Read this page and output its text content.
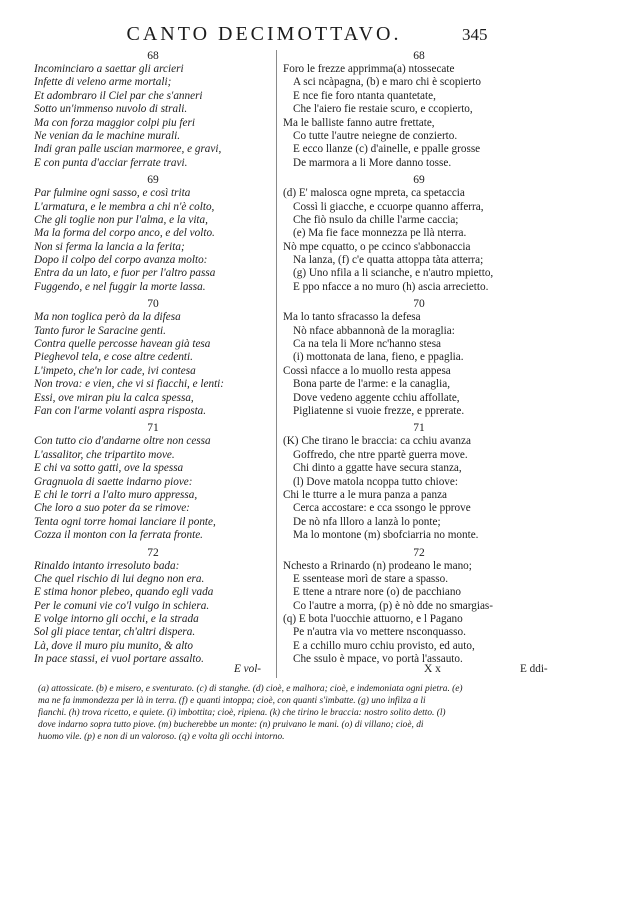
CANTO DECIMOTTAVO.	345
68
Incominciaro a saettar gli arcieri
Infette di veleno arme mortali;
Et adombraro il Ciel par che s'anneri
Sotto un'immenso nuvolo di strali.
Ma con forza maggior colpi piu feri
Ne venian da le machine murali.
Indi gran palle uscian marmoree, e gravi,
E con punta d'acciar ferrate travi.
69
Par fulmine ogni sasso, e così trita
L'armatura, e le membra a chi n'è colto,
Che gli toglie non pur l'alma, e la vita,
Ma la forma del corpo anco, e del volto.
Non si ferma la lancia a la ferita;
Dopo il colpo del corpo avanza molto:
Entra da un lato, e fuor per l'altro passa
Fuggendo, e nel fuggir la morte lassa.
70
Ma non toglica però da la difesa
Tanto furor le Saracine genti.
Contra quelle percosse havean già tesa
Pieghevol tela, e cose altre cedenti.
L'impeto, che'n lor cade, ivi contesa
Non trova: e vien, che vi si fiacchi, e lenti:
Essi, ove miran piu la calca spessa,
Fan con l'arme volanti aspra risposta.
71
Con tutto cio d'andarne oltre non cessa
L'assalitor, che tripartito move.
E chi va sotto gatti, ove la spessa
Gragnuola di saette indarno piove:
E chi le torri a l'alto muro appressa,
Che loro a suo poter da se rimove:
Tenta ogni torre homai lanciare il ponte,
Cozza il monton con la ferrata fronte.
72
Rinaldo intanto irresoluto bada:
Che quel rischio di lui degno non era.
E stima honor plebeo, quando egli vada
Per le comuni vie co'l vulgo in schiera.
E volge intorno gli occhi, e la strada
Sol gli piace tentar, ch'altri dispera.
Là, dove il muro piu munito, & alto
In pace stassi, ei vuol portare assalto.
68
Foro le frezze apprimma(a) ntossecate
A sci ncàpagna, (b) e maro chi è scopierto
E nce fie foro ntanta quantetate,
Che l'aiero fie restaie scuro, e ccopierto,
Ma le balliste fanno autre frettate,
Co tutte l'autre neiegne de conzierto.
E ecco llanze (c) d'ainelle, e ppalle grosse
De marmora a li More danno tosse.
69
(d) E' malosca ogne mpreta, ca spetaccia
Cossì li giacche, e ccuorpe quanno afferra,
Che fiò nsulo da chille l'arme caccia;
(e) Ma fie face monnezza pe llà nterra.
Nò mpe cquatto, o pe ccinco s'abbonaccia
Na lanza, (f) c'e quatta attoppa tàta atterra;
(g) Uno nfila a li scianche, e n'autro mpietto,
E ppo nfacce a no muro (h) ascia arrecietto.
70
Ma lo tanto sfracasso la defesa
Nò nface abbannonà de la moraglia:
Ca na tela li More nc'hanno stesa
(i) mottonata de lana, fieno, e ppaglia.
Cossì nfacce a lo muollo resta appesa
Bona parte de l'arme: e la canaglia,
Dove vedeno aggente cchiu affollate,
Pigliatenne si vuoie frezze, e pprerate.
71
(K) Che tirano le braccia: ca cchiu avanza
Goffredo, che ntre ppartè guerra move.
Chi dinto a ggatte have secura stanza,
(l) Dove matola ncoppa tutto chiove:
Chi le tturre a le mura panza a panza
Cerca accostare: e cca ssongo le pprove
De nò nfa llloro a lanzà lo ponte;
Ma lo montone (m) sbofciarria no monte.
72
Nchesto a Rrinardo (n) prodeano le mano;
E ssentease morì de stare a spasso.
E ttene a ntrare nore (o) de pacchiano
Co l'autre a morra, (p) è nò dde no smargias-
(q) E bota l'uocchie attuorno, e l Pagano
Pe n'autra via vo mettere nsconquasso.
E a cchillo muro cchiu provisto, ed auto,
Che ssulo è mpace, vo portà l'assauto.
E vol-	X x	E ddi-
(a) attossicate. (b) e misero, e sventurato. (c) di stanghe. (d) cioè, e malhora; cioè, e indemoniata ogni pietra. (e)
ma ne fa immondezza per là in terra. (f) e quanti intoppa; cioè, con quanti s'imbatte. (g) uno infilza a li
fianchi. (h) trova ricetto, e quiete. (i) imbottita; cioè, ripiena. (k) che tirino le braccia: nostro solito detto. (l)
dove indarno sopra tutto piove. (m) bucherebbe un monte: (n) pruivano le mani. (o) di villano; cioè, di
huomo vile. (p) e non di un valoroso. (q) e volta gli occhi intorno.
